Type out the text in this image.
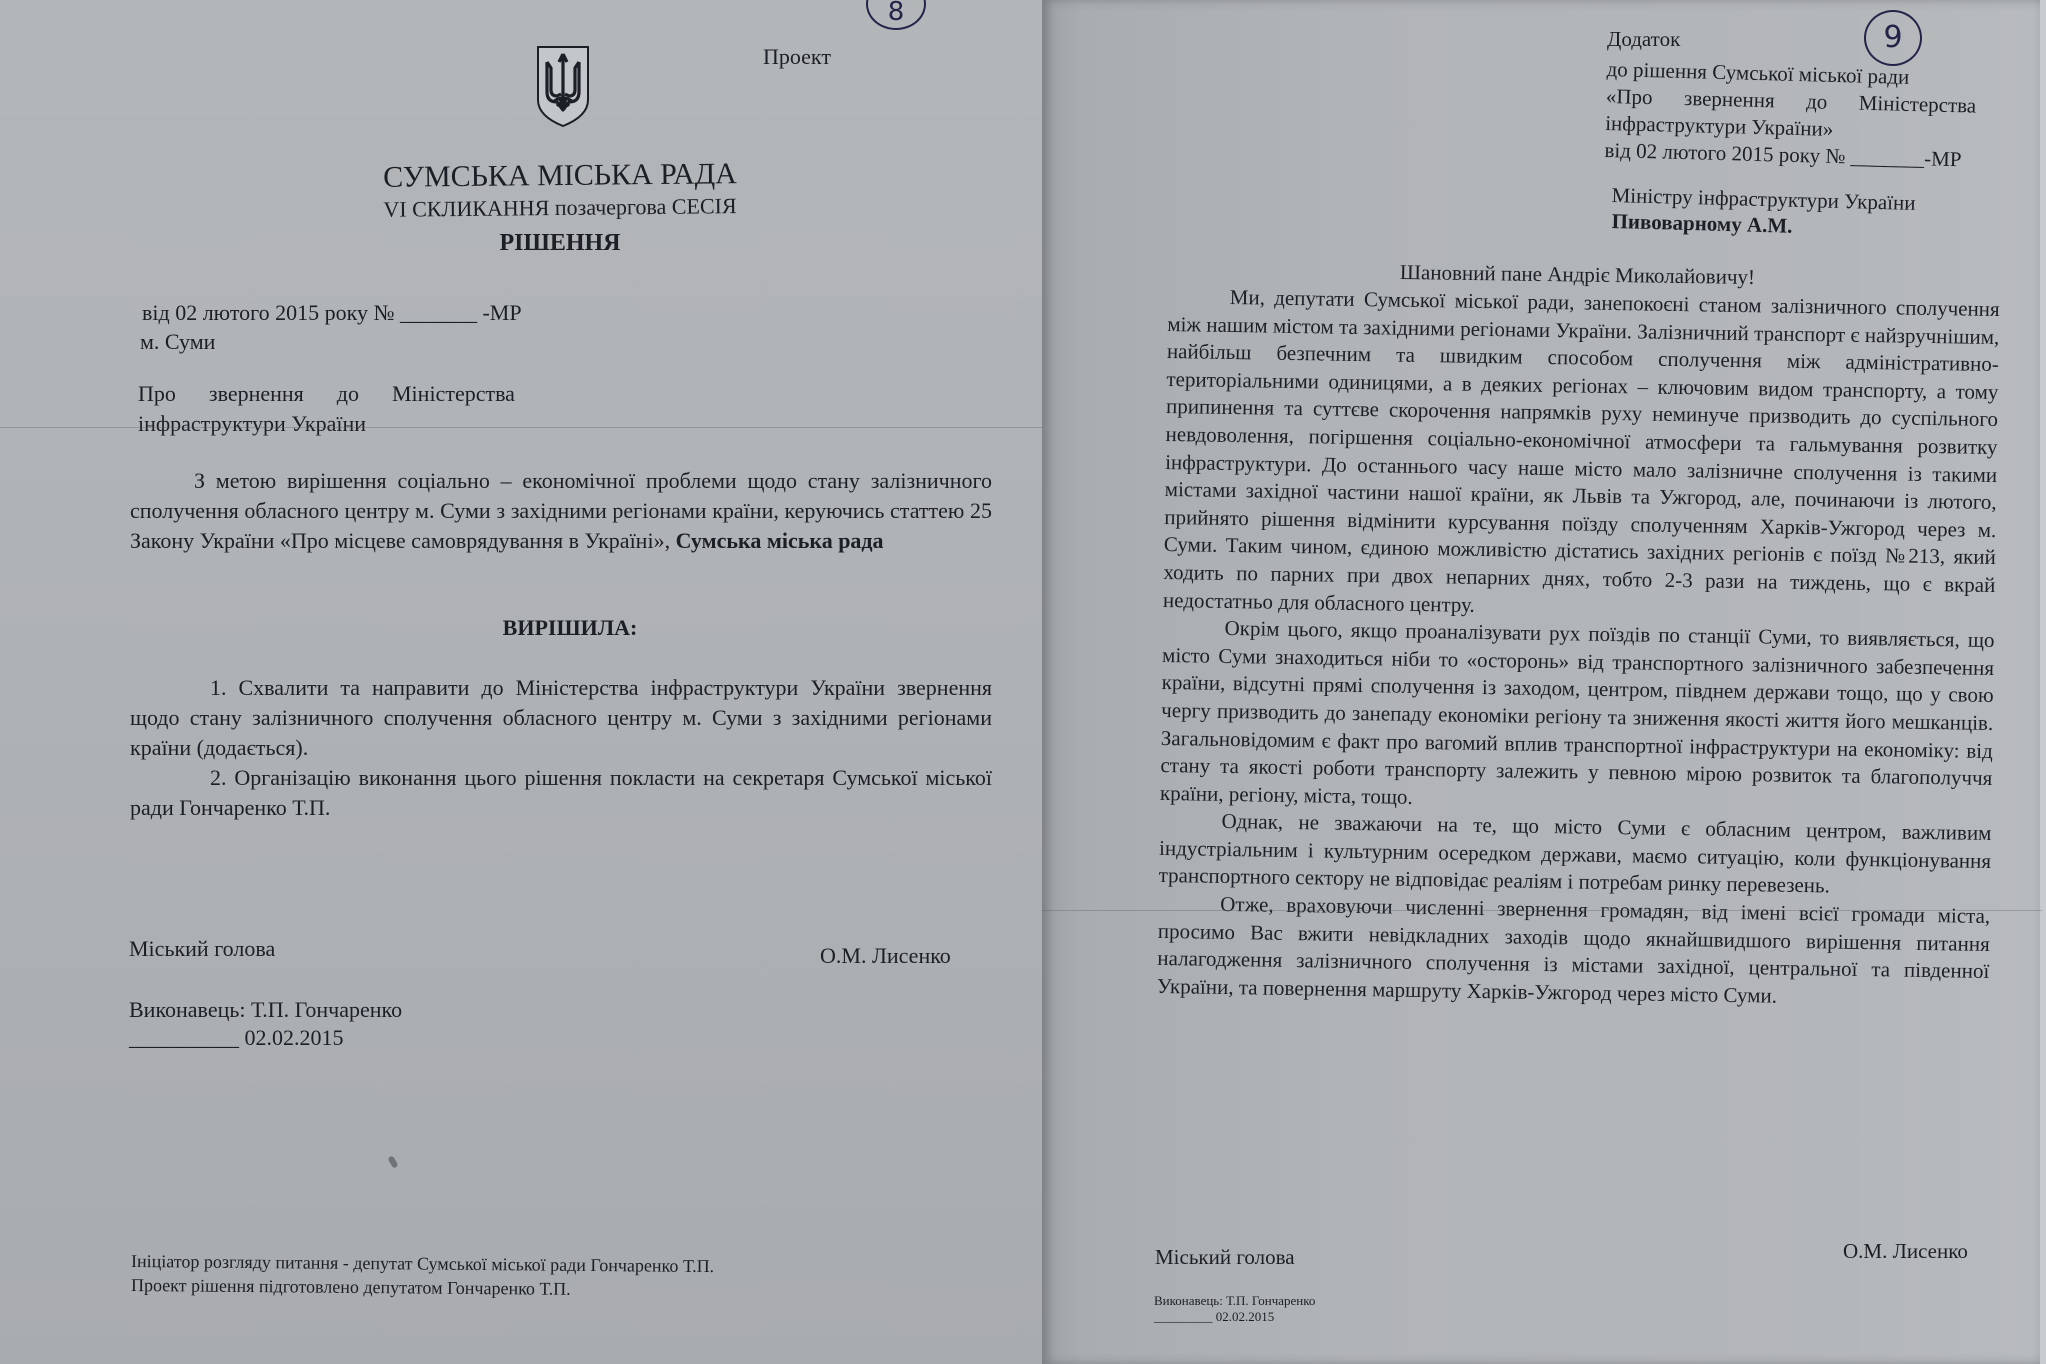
8
Проект
СУМСЬКА МІСЬКА РАДА
VI СКЛИКАННЯ позачергова СЕСІЯ
РІШЕННЯ
від 02 лютого 2015 року № _______ -МР
м. Суми
Про      звернення      до      Міністерства
інфраструктури України
З метою вирішення соціально – економічної проблеми щодо стану залізничного сполучення обласного центру м. Суми з західними регіонами країни, керуючись статтею 25 Закону України «Про місцеве самоврядування в Україні», Сумська міська рада
ВИРІШИЛА:
1. Схвалити та направити до Міністерства інфраструктури України звернення щодо стану залізничного сполучення обласного центру м. Суми з західними регіонами країни (додається).
2. Організацію виконання цього рішення покласти на секретаря Сумської міської ради Гончаренко Т.П.
Міський голова	О.М. Лисенко
Виконавець: Т.П. Гончаренко
__________ 02.02.2015
Ініціатор розгляду питання - депутат Сумської міської ради Гончаренко Т.П.
Проект рішення підготовлено депутатом Гончаренко Т.П.
9
Додаток
до рішення Сумської міської ради
«Про      звернення      до      Міністерства
інфраструктури України»
від 02 лютого 2015 року № _______-МР
Міністру інфраструктури України
Пивоварному А.М.
Шановний пане Андріє Миколайовичу!

Ми, депутати Сумської міської ради, занепокоєні станом залізничного сполучення між нашим містом та західними регіонами України. Залізничний транспорт є найзручнішим, найбільш безпечним та швидким способом сполучення між адміністративно-територіальними одиницями, а в деяких регіонах – ключовим видом транспорту, а тому припинення та суттєве скорочення напрямків руху неминуче призводить до суспільного невдоволення, погіршення соціально-економічної атмосфери та гальмування розвитку інфраструктури. До останнього часу наше місто мало залізничне сполучення із такими містами західної частини нашої країни, як Львів та Ужгород, але, починаючи із лютого, прийнято рішення відмінити курсування поїзду сполученням Харків-Ужгород через м. Суми. Таким чином, єдиною можливістю дістатись західних регіонів є поїзд №213, який ходить по парних при двох непарних днях, тобто 2-3 рази на тиждень, що є вкрай недостатньо для обласного центру.

Окрім цього, якщо проаналізувати рух поїздів по станції Суми, то виявляється, що місто Суми знаходиться ніби то «осторонь» від транспортного залізничного забезпечення країни, відсутні прямі сполучення із заходом, центром, півднем держави тощо, що у свою чергу призводить до занепаду економіки регіону та зниження якості життя його мешканців. Загальновідомим є факт про вагомий вплив транспортної інфраструктури на економіку: від стану та якості роботи транспорту залежить у певною мірою розвиток та благополуччя країни, регіону, міста, тощо.

Однак, не зважаючи на те, що місто Суми є обласним центром, важливим індустріальним і культурним осередком держави, маємо ситуацію, коли функціонування транспортного сектору не відповідає реаліям і потребам ринку перевезень.

Отже, враховуючи численні звернення громадян, від імені всієї громади міста, просимо Вас вжити невідкладних заходів щодо якнайшвидшого вирішення питання налагодження залізничного сполучення із містами західної, центральної та південної України, та повернення маршруту Харків-Ужгород через місто Суми.

Міський голова	О.М. Лисенко
Виконавець: Т.П. Гончаренко
_________ 02.02.2015
